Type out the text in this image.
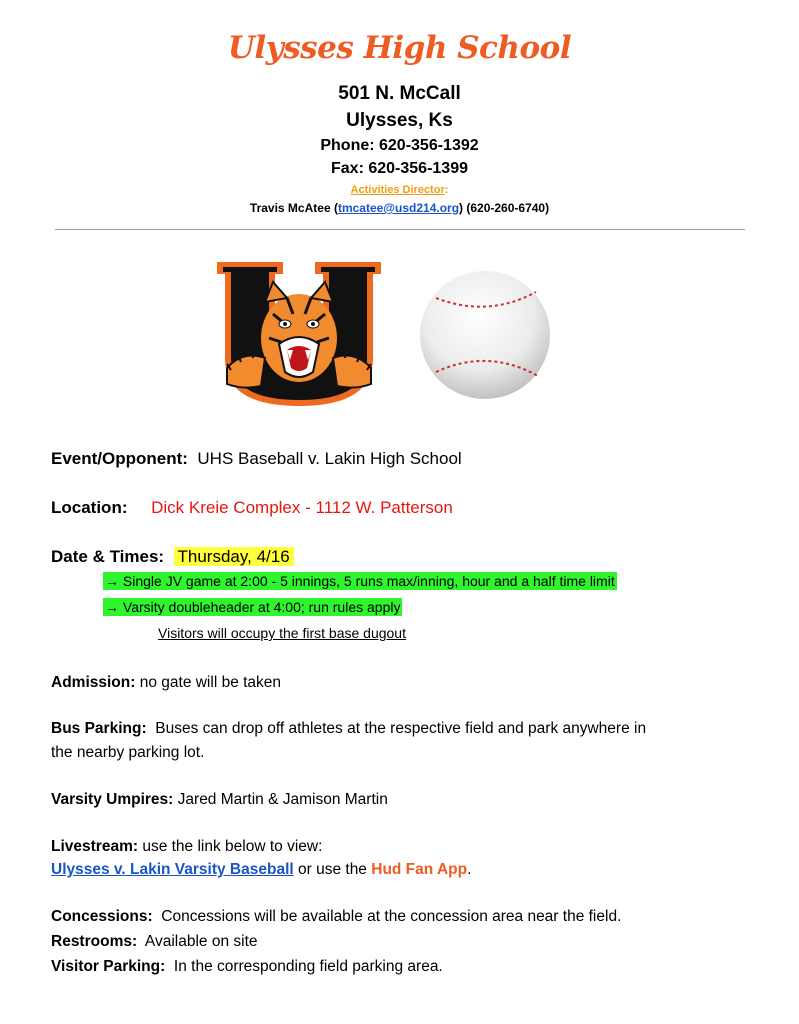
Ulysses High School
501 N. McCall
Ulysses, Ks
Phone: 620-356-1392
Fax: 620-356-1399
Activities Director:
Travis McAtee (tmcatee@usd214.org) (620-260-6740)
Event/Opponent: UHS Baseball v. Lakin High School
Location: Dick Kreie Complex - 1112 W. Patterson
Date & Times: Thursday, 4/16
→ Single JV game at 2:00 - 5 innings, 5 runs max/inning, hour and a half time limit
→ Varsity doubleheader at 4:00; run rules apply
Visitors will occupy the first base dugout
Admission: no gate will be taken
Bus Parking: Buses can drop off athletes at the respective field and park anywhere in
the nearby parking lot.
Varsity Umpires: Jared Martin & Jamison Martin
Livestream: use the link below to view:
Ulysses v. Lakin Varsity Baseball or use the Hud Fan App.
Concessions: Concessions will be available at the concession area near the field.
Restrooms: Available on site
Visitor Parking: In the corresponding field parking area.
